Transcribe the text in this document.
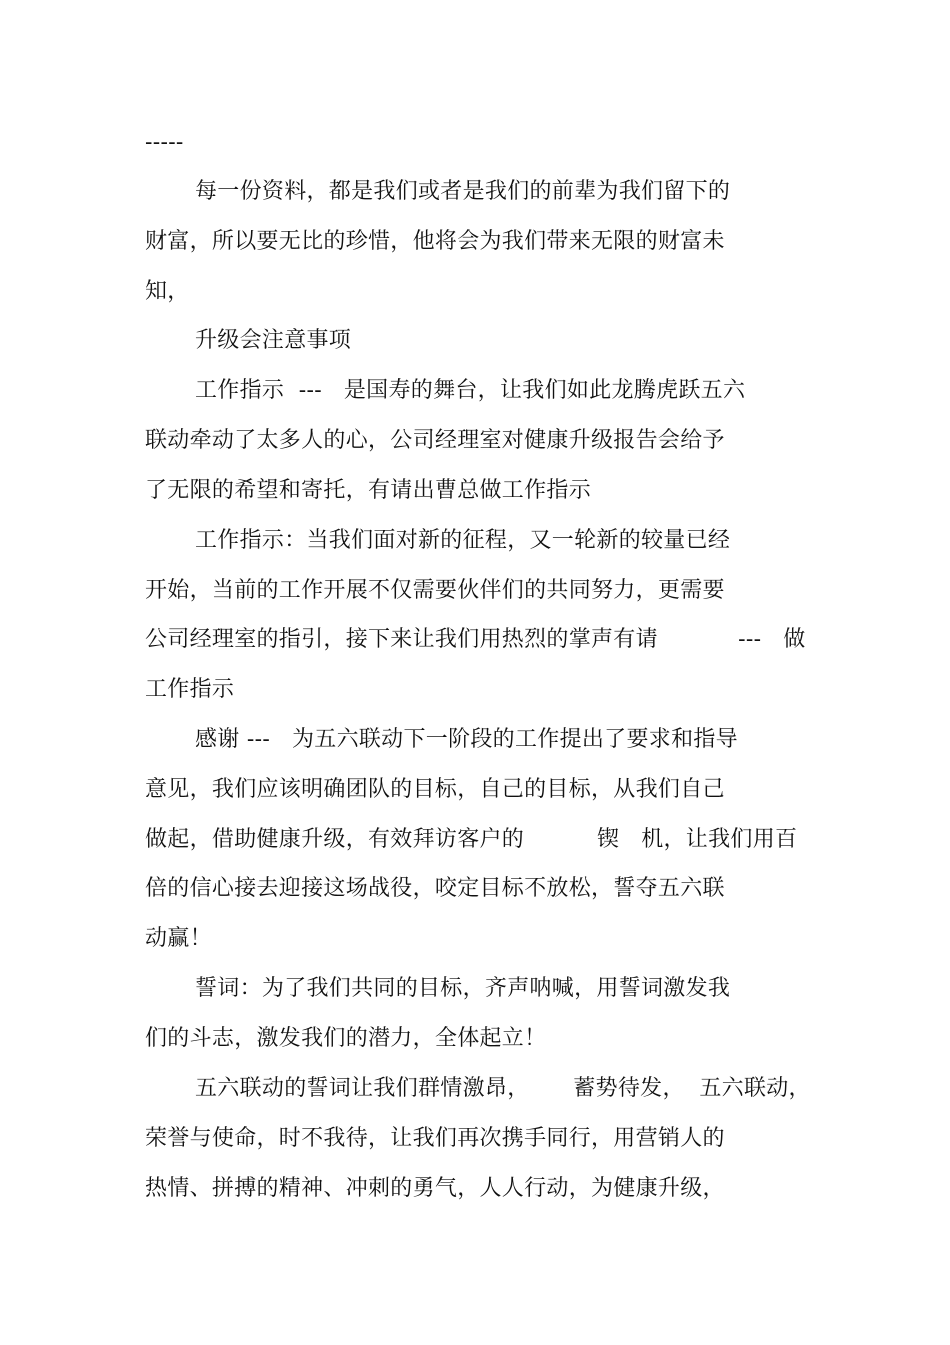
-----
每一份资料，都是我们或者是我们的前辈为我们留下的
财富，所以要无比的珍惜，他将会为我们带来无限的财富未
知，
升级会注意事项
工作指示  ---   是国寿的舞台，让我们如此龙腾虎跃五六
联动牵动了太多人的心，公司经理室对健康升级报告会给予
了无限的希望和寄托，有请出曹总做工作指示
工作指示：当我们面对新的征程，又一轮新的较量已经
开始，当前的工作开展不仅需要伙伴们的共同努力，更需要
公司经理室的指引，接下来让我们用热烈的掌声有请           ---   做
工作指示
感谢 ---   为五六联动下一阶段的工作提出了要求和指导
意见，我们应该明确团队的目标，自己的目标，从我们自己
做起，借助健康升级，有效拜访客户的          锲   机，让我们用百
倍的信心接去迎接这场战役，咬定目标不放松，誓夺五六联
动赢！
誓词：为了我们共同的目标，齐声呐喊，用誓词激发我
们的斗志，激发我们的潜力，全体起立！
五六联动的誓词让我们群情激昂，      蓄势待发，  五六联动，
荣誉与使命，时不我待，让我们再次携手同行，用营销人的
热情、拼搏的精神、冲刺的勇气，人人行动，为健康升级，
